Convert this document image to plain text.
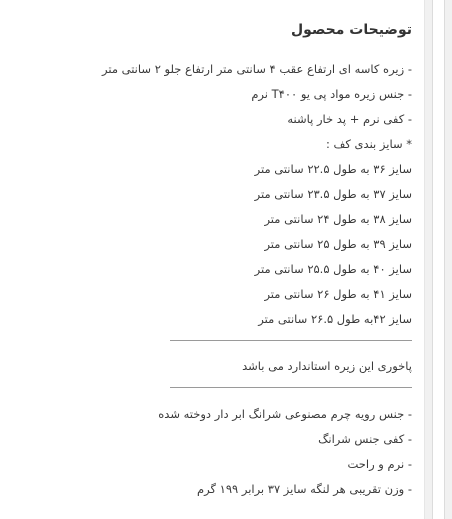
توضیحات محصول
- زیره کاسه ای ارتفاع عقب ۴ سانتی متر ارتفاع جلو ۲ سانتی متر
- جنس زیره مواد پی یو T۴۰۰ نرم
- کفی نرم + پد خار پاشنه
* سایز بندی کف :
سایز ۳۶ به طول ۲۲.۵ سانتی متر
سایز ۳۷ به طول ۲۳.۵ سانتی متر
سایز ۳۸ به طول ۲۴ سانتی متر
سایز ۳۹ به طول ۲۵ سانتی متر
سایز ۴۰ به طول ۲۵.۵ سانتی متر
سایز ۴۱ به طول ۲۶ سانتی متر
سایز ۴۲به طول ۲۶.۵ سانتی متر
پاخوری این زیره استاندارد می باشد
- جنس رویه چرم مصنوعی شرانگ ابر دار دوخته شده
- کفی جنس شرانگ
- نرم و راحت
- وزن تقریبی هر لنگه سایز ۳۷ برابر ۱۹۹ گرم
